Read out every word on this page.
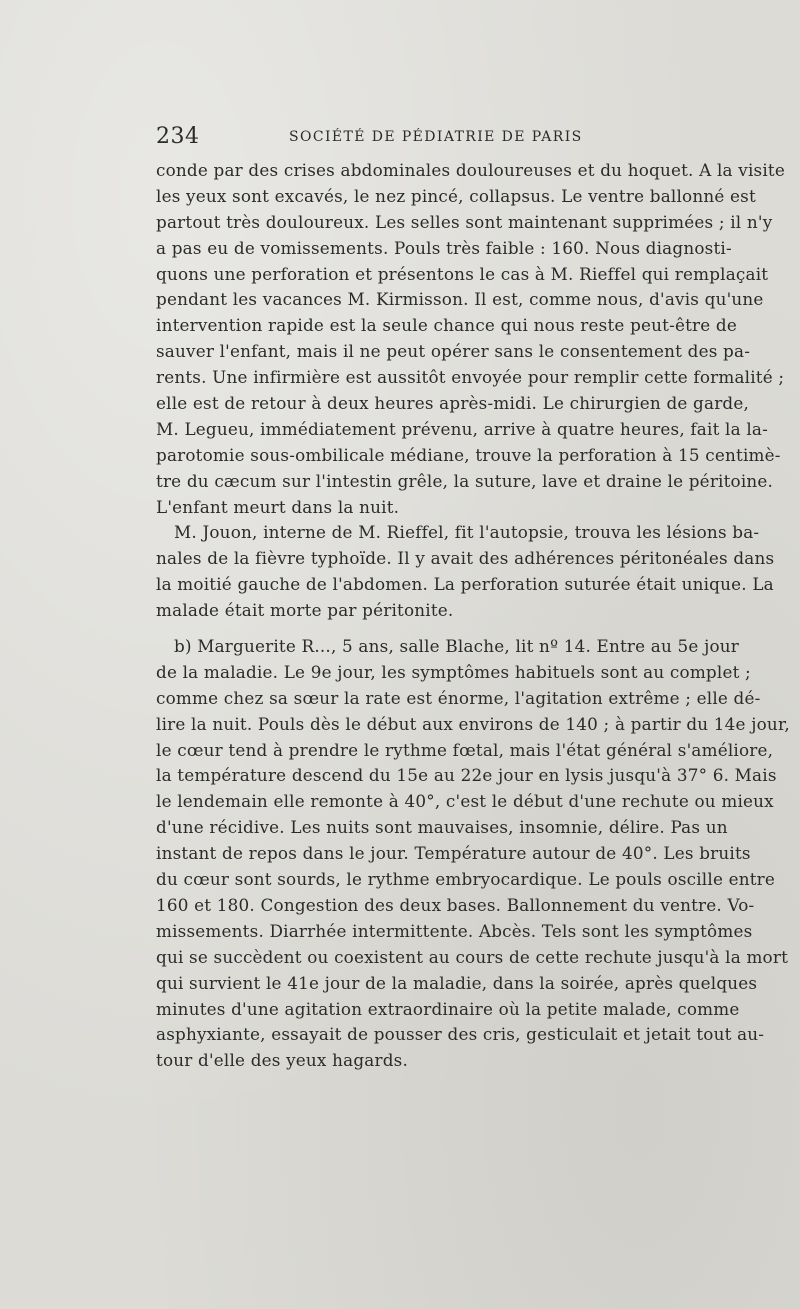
234	SOCIÉTÉ DE PÉDIATRIE DE PARIS
conde par des crises abdominales douloureuses et du hoquet. A la visite
les yeux sont excavés, le nez pincé, collapsus. Le ventre ballonné est
partout très douloureux. Les selles sont maintenant supprimées ; il n'y
a pas eu de vomissements. Pouls très faible : 160. Nous diagnosti-
quons une perforation et présentons le cas à M. Rieffel qui remplaçait
pendant les vacances M. Kirmisson. Il est, comme nous, d'avis qu'une
intervention rapide est la seule chance qui nous reste peut-être de
sauver l'enfant, mais il ne peut opérer sans le consentement des pa-
rents. Une infirmière est aussitôt envoyée pour remplir cette formalité ;
elle est de retour à deux heures après-midi. Le chirurgien de garde,
M. Legueu, immédiatement prévenu, arrive à quatre heures, fait la la-
parotomie sous-ombilicale médiane, trouve la perforation à 15 centimè-
tre du cæcum sur l'intestin grêle, la suture, lave et draine le péritoine.
L'enfant meurt dans la nuit.
M. Jouon, interne de M. Rieffel, fit l'autopsie, trouva les lésions ba-
nales de la fièvre typhoïde. Il y avait des adhérences péritonéales dans
la moitié gauche de l'abdomen. La perforation suturée était unique. La
malade était morte par péritonite.
b) Marguerite R..., 5 ans, salle Blache, lit nº 14. Entre au 5e jour
de la maladie. Le 9e jour, les symptômes habituels sont au complet ;
comme chez sa sœur la rate est énorme, l'agitation extrême ; elle dé-
lire la nuit. Pouls dès le début aux environs de 140 ; à partir du 14e jour,
le cœur tend à prendre le rythme fœtal, mais l'état général s'améliore,
la température descend du 15e au 22e jour en lysis jusqu'à 37° 6. Mais
le lendemain elle remonte à 40°, c'est le début d'une rechute ou mieux
d'une récidive. Les nuits sont mauvaises, insomnie, délire. Pas un
instant de repos dans le jour. Température autour de 40°. Les bruits
du cœur sont sourds, le rythme embryocardique. Le pouls oscille entre
160 et 180. Congestion des deux bases. Ballonnement du ventre. Vo-
missements. Diarrhée intermittente. Abcès. Tels sont les symptômes
qui se succèdent ou coexistent au cours de cette rechute jusqu'à la mort
qui survient le 41e jour de la maladie, dans la soirée, après quelques
minutes d'une agitation extraordinaire où la petite malade, comme
asphyxiante, essayait de pousser des cris, gesticulait et jetait tout au-
tour d'elle des yeux hagards.
